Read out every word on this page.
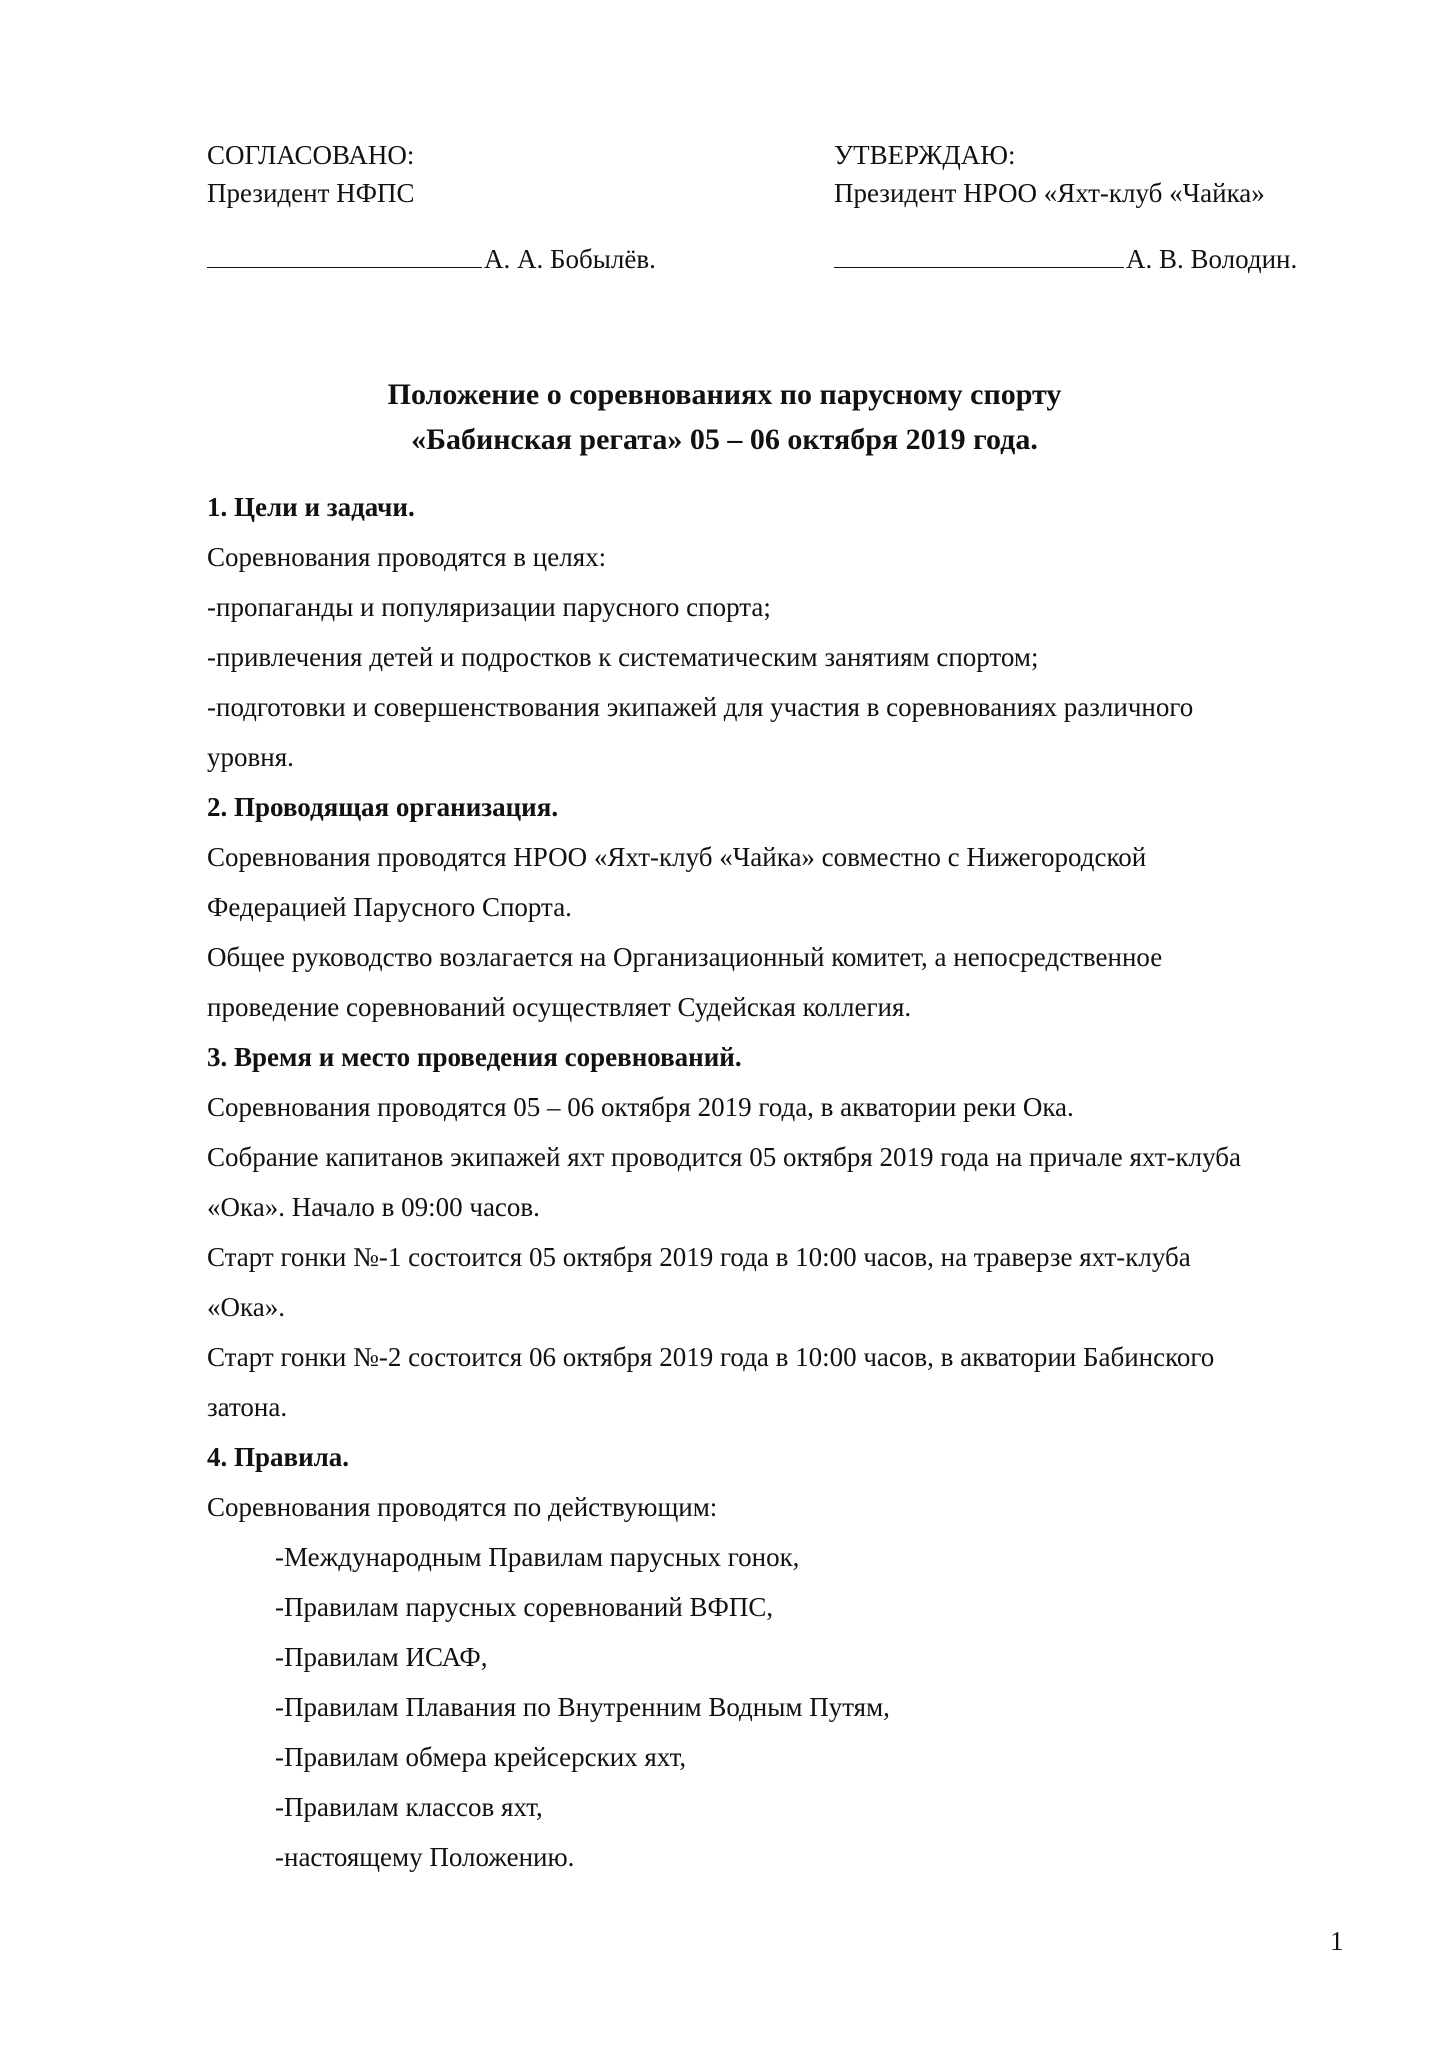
СОГЛАСОВАНО:
Президент НФПС
УТВЕРЖДАЮ:
Президент НРОО «Яхт-клуб «Чайка»
А. А. Бобылёв.	А. В. Володин.
Положение о соревнованиях по парусному спорту
«Бабинская регата» 05 – 06 октября 2019 года.
1. Цели и задачи.
Соревнования проводятся в целях:
-пропаганды и популяризации парусного спорта;
-привлечения детей и подростков к систематическим занятиям спортом;
-подготовки и совершенствования экипажей для участия в соревнованиях различного
уровня.
2. Проводящая организация.
Соревнования проводятся НРОО «Яхт-клуб «Чайка» совместно с Нижегородской
Федерацией Парусного Спорта.
Общее руководство возлагается на Организационный комитет, а непосредственное
проведение соревнований осуществляет Судейская коллегия.
3. Время и место проведения соревнований.
Соревнования проводятся 05 – 06 октября 2019 года, в акватории реки Ока.
Собрание капитанов экипажей яхт проводится 05 октября 2019 года на причале яхт-клуба
«Ока». Начало в 09:00 часов.
Старт гонки №-1 состоится 05 октября 2019 года в 10:00 часов, на траверзе яхт-клуба
«Ока».
Старт гонки №-2 состоится 06 октября 2019 года в 10:00 часов, в акватории Бабинского
затона.
4. Правила.
Соревнования проводятся по действующим:
-Международным Правилам парусных гонок,
-Правилам парусных соревнований ВФПС,
-Правилам ИСАФ,
-Правилам Плавания по Внутренним Водным Путям,
-Правилам обмера крейсерских яхт,
-Правилам классов яхт,
-настоящему Положению.
1
